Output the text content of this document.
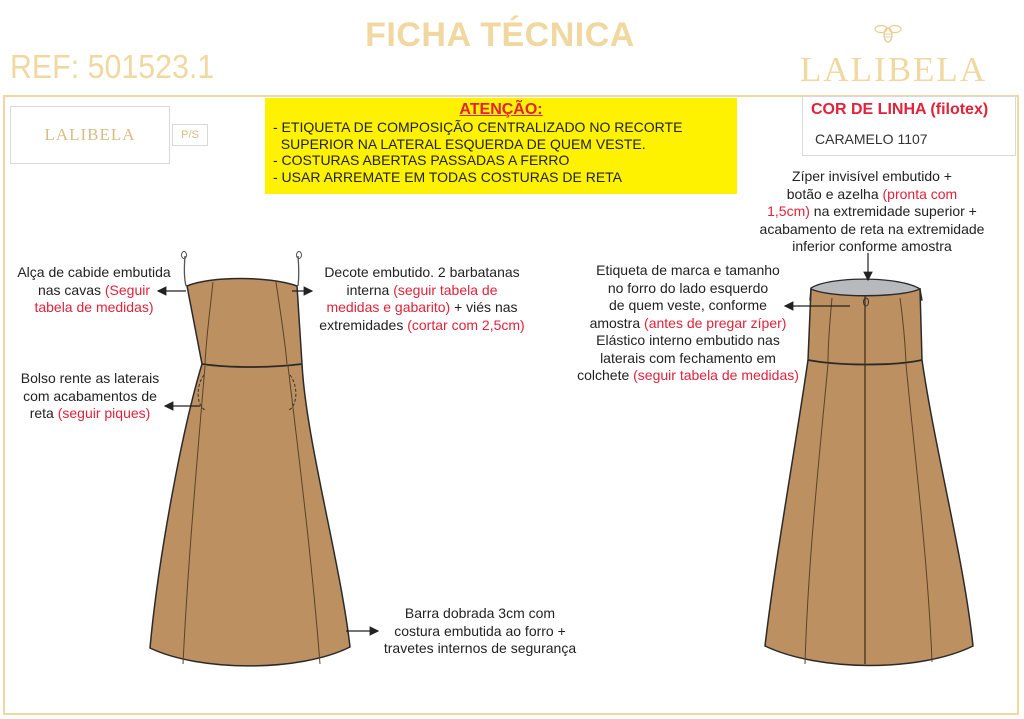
FICHA TÉCNICA
REF: 501523.1	LALIBELA
LALIBELA	P/S
ATENÇÃO:
- ETIQUETA DE COMPOSIÇÃO CENTRALIZADO NO RECORTE
SUPERIOR NA LATERAL ESQUERDA DE QUEM VESTE.
- COSTURAS ABERTAS PASSADAS A FERRO
- USAR ARREMATE EM TODAS COSTURAS DE RETA
COR DE LINHA (filotex)
CARAMELO 1107
Alça de cabide embutida
nas cavas (Seguir
tabela de medidas)
Decote embutido. 2 barbatanas
interna (seguir tabela de
medidas e gabarito) + viés nas
extremidades (cortar com 2,5cm)
Bolso rente as laterais
com acabamentos de
reta (seguir piques)
Barra dobrada 3cm com
costura embutida ao forro +
travetes internos de segurança
Zíper invisível embutido +
botão e azelha (pronta com
1,5cm) na extremidade superior +
acabamento de reta na extremidade
inferior conforme amostra
Etiqueta de marca e tamanho
no forro do lado esquerdo
de quem veste, conforme
amostra (antes de pregar zíper)
Elástico interno embutido nas
laterais com fechamento em
colchete (seguir tabela de medidas)
